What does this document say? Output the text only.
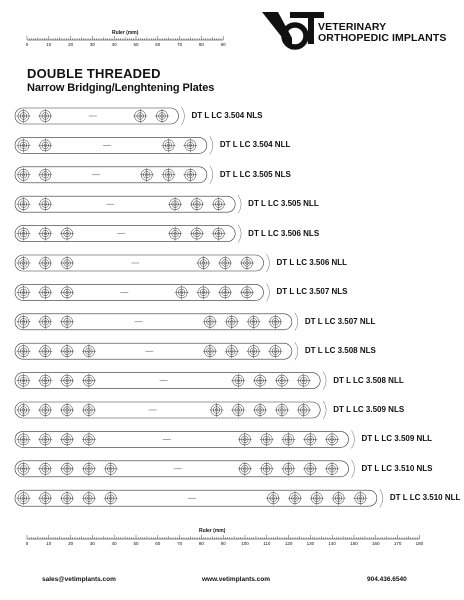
Ruler (mm)
0	10	20	30	40	50	60	70	80	90
VETERINARY
ORTHOPEDIC IMPLANTS
DOUBLE THREADED
Narrow Bridging/Lenghtening Plates
DT L LC 3.504 NLS
DT L LC 3.504 NLL
DT L LC 3.505 NLS
DT L LC 3.505 NLL
DT L LC 3.506 NLS
DT L LC 3.506 NLL
DT L LC 3.507 NLS
DT L LC 3.507 NLL
DT L LC 3.508 NLS
DT L LC 3.508 NLL
DT L LC 3.509 NLS
DT L LC 3.509 NLL
DT L LC 3.510 NLS
DT L LC 3.510 NLL
Ruler (mm)
0	10	20	30	40	50	60	70	80	90	100	110	120	130	140	150	160	170	180
sales@vetimplants.com	www.vetimplants.com	904.436.6540
